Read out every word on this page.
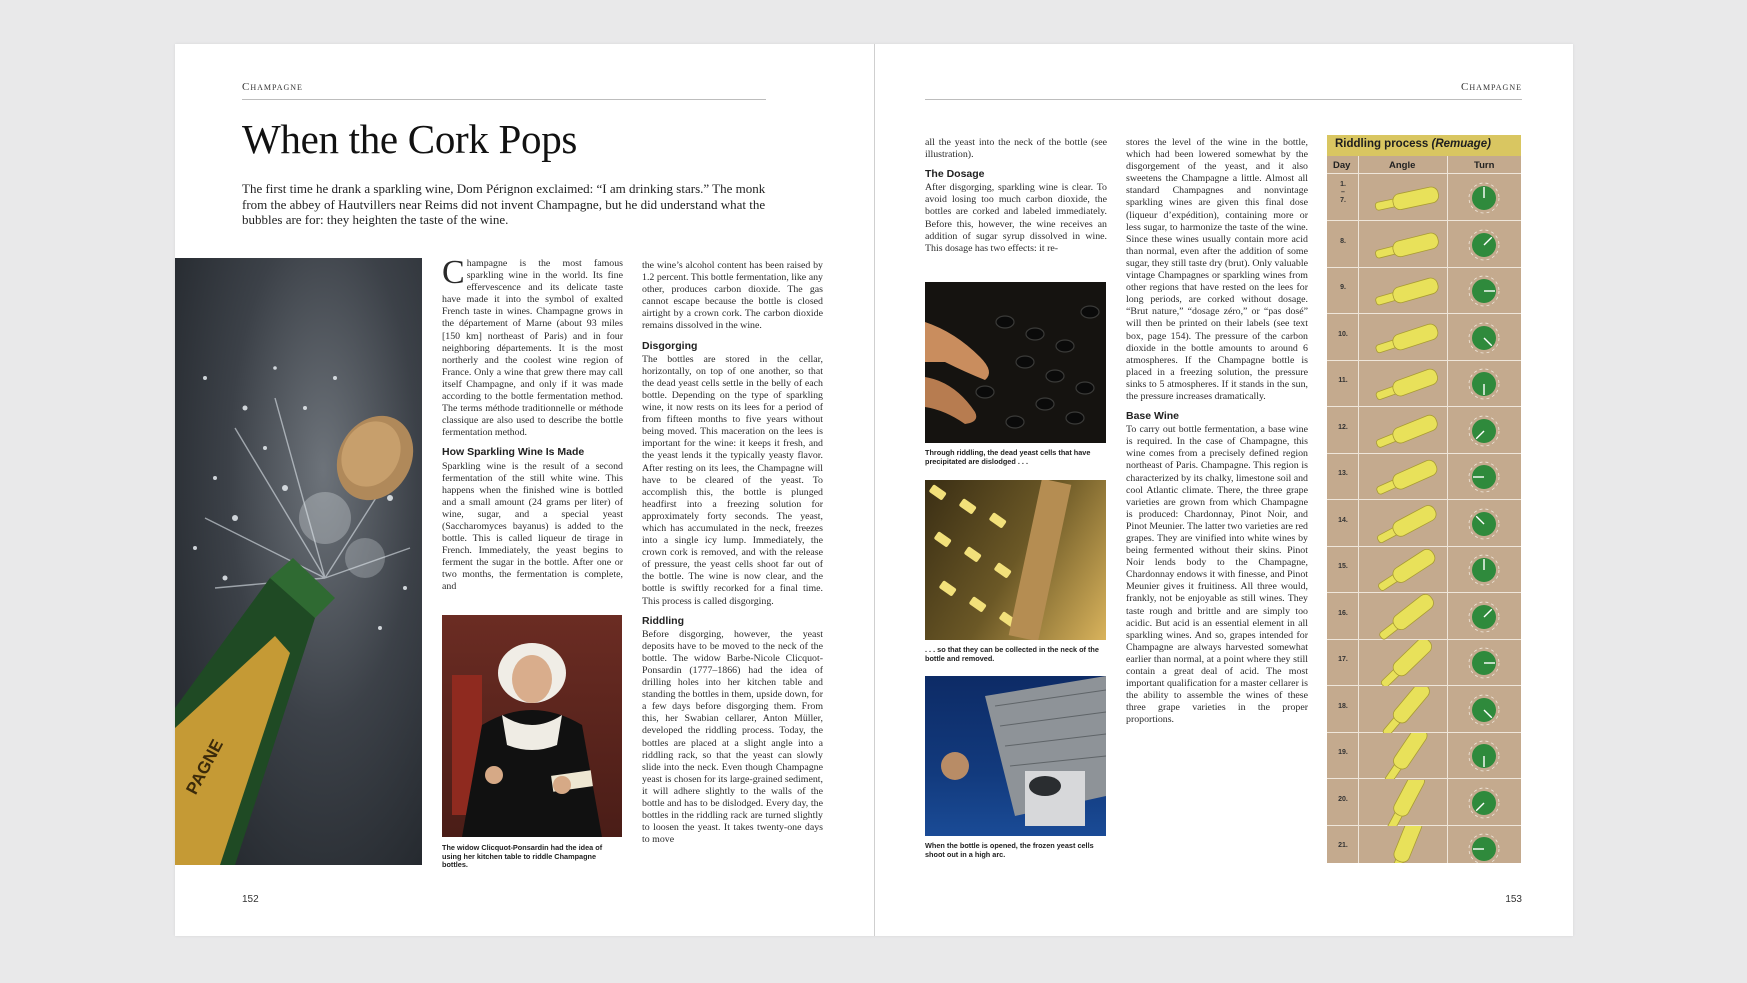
Champagne
When the Cork Pops

The first time he drank a sparkling wine, Dom Pérignon exclaimed: “I am drinking stars.” The monk from the abbey of Hautvillers near Reims did not invent Champagne, but he did understand what the bubbles are for: they heighten the taste of the wine.

PAGNE

Champagne is the most famous sparkling wine in the world. Its fine effervescence and its delicate taste have made it into the symbol of exalted French taste in wines. Champagne grows in the département of Marne (about 93 miles [150 km] northeast of Paris) and in four neighboring départements. It is the most northerly and the coolest wine region of France. Only a wine that grew there may call itself Champagne, and only if it was made according to the bottle fermentation method. The terms méthode traditionnelle or méthode classique are also used to describe the bottle fermentation method.

How Sparkling Wine Is Made

Sparkling wine is the result of a second fermentation of the still white wine. This happens when the finished wine is bottled and a small amount (24 grams per liter) of wine, sugar, and a special yeast (Saccharomyces bayanus) is added to the bottle. This is called liqueur de tirage in French. Immediately, the yeast begins to ferment the sugar in the bottle. After one or two months, the fermentation is complete, and

The widow Clicquot-Ponsardin had the idea of using her kitchen table to riddle Champagne bottles.

the wine’s alcohol content has been raised by 1.2 percent. This bottle fermentation, like any other, produces carbon dioxide. The gas cannot escape because the bottle is closed airtight by a crown cork. The carbon dioxide remains dissolved in the wine.

Disgorging

The bottles are stored in the cellar, horizontally, on top of one another, so that the dead yeast cells settle in the belly of each bottle. Depending on the type of sparkling wine, it now rests on its lees for a period of from fifteen months to five years without being moved. This maceration on the lees is important for the wine: it keeps it fresh, and the yeast lends it the typically yeasty flavor. After resting on its lees, the Champagne will have to be cleared of the yeast. To accomplish this, the bottle is plunged headfirst into a freezing solution for approximately forty seconds. The yeast, which has accumulated in the neck, freezes into a single icy lump. Immediately, the crown cork is removed, and with the release of pressure, the yeast cells shoot far out of the bottle. The wine is now clear, and the bottle is swiftly recorked for a final time. This process is called disgorging.

Riddling

Before disgorging, however, the yeast deposits have to be moved to the neck of the bottle. The widow Barbe-Nicole Clicquot-Ponsardin (1777–1866) had the idea of drilling holes into her kitchen table and standing the bottles in them, upside down, for a few days before disgorging them. From this, her Swabian cellarer, Anton Müller, developed the riddling process. Today, the bottles are placed at a slight angle into a riddling rack, so that the yeast can slowly slide into the neck. Even though Champagne yeast is chosen for its large-grained sediment, it will adhere slightly to the walls of the bottle and has to be dislodged. Every day, the bottles in the riddling rack are turned slightly to loosen the yeast. It takes twenty-one days to move

152
Champagne

all the yeast into the neck of the bottle (see illustration).

The Dosage

After disgorging, sparkling wine is clear. To avoid losing too much carbon dioxide, the bottles are corked and labeled immediately. Before this, however, the wine receives an addition of sugar syrup dissolved in wine. This dosage has two effects: it re-

Through riddling, the dead yeast cells that have precipitated are dislodged . . .
. . . so that they can be collected in the neck of the bottle and removed.
When the bottle is opened, the frozen yeast cells shoot out in a high arc.

stores the level of the wine in the bottle, which had been lowered somewhat by the disgorgement of the yeast, and it also sweetens the Champagne a little. Almost all standard Champagnes and nonvintage sparkling wines are given this final dose (liqueur d’expédition), containing more or less sugar, to harmonize the taste of the wine. Since these wines usually contain more acid than normal, even after the addition of some sugar, they still taste dry (brut). Only valuable vintage Champagnes or sparkling wines from other regions that have rested on the lees for long periods, are corked without dosage. “Brut nature,” “dosage zéro,” or “pas dosé” will then be printed on their labels (see text box, page 154). The pressure of the carbon dioxide in the bottle amounts to around 6 atmospheres. If the Champagne bottle is placed in a freezing solution, the pressure sinks to 5 atmospheres. If it stands in the sun, the pressure increases dramatically.

Base Wine

To carry out bottle fermentation, a base wine is required. In the case of Champagne, this wine comes from a precisely defined region northeast of Paris. Champagne. This region is characterized by its chalky, limestone soil and cool Atlantic climate. There, the three grape varieties are grown from which Champagne is produced: Chardonnay, Pinot Noir, and Pinot Meunier. The latter two varieties are red grapes. They are vinified into white wines by being fermented without their skins. Pinot Noir lends body to the Champagne, Chardonnay endows it with finesse, and Pinot Meunier gives it fruitiness. All three would, frankly, not be enjoyable as still wines. They taste rough and brittle and are simply too acidic. But acid is an essential element in all sparkling wines. And so, grapes intended for Champagne are always harvested somewhat earlier than normal, at a point where they still contain a great deal of acid. The most important qualification for a master cellarer is the ability to assemble the wines of these three grape varieties in the proper proportions.

Riddling process (Remuage)
Day	Angle	Turn
1.
–
7.
8.
9.
10.
11.
12.
13.
14.
15.
16.
17.
18.
19.
20.
21.
153
